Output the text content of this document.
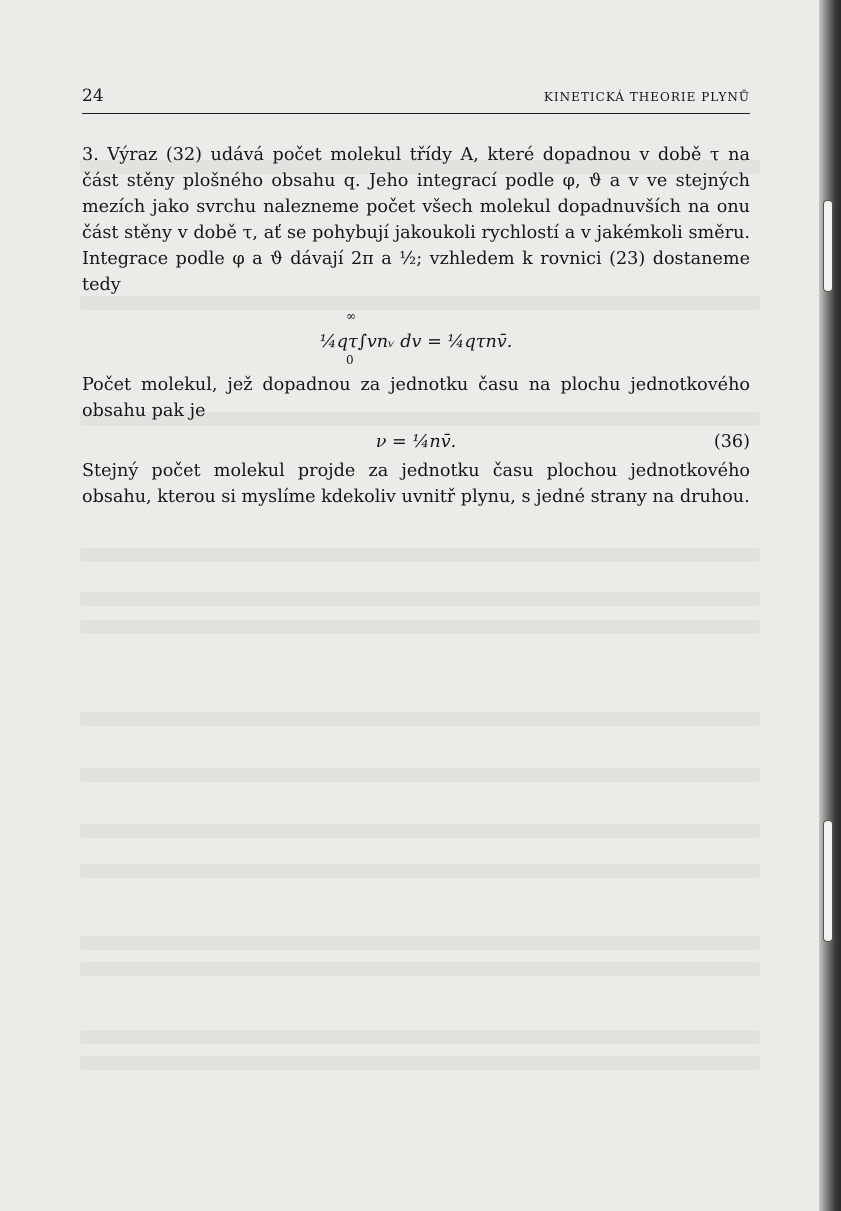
24	KINETICKÁ THEORIE PLYNŮ

3. Výraz (32) udává počet molekul třídy A, které dopadnou v době τ na část stěny plošného obsahu q. Jeho integrací podle φ, ϑ a v ve stejných mezích jako svrchu nalezneme počet všech molekul dopadnuvších na onu část stěny v době τ, ať se pohybují jakoukoli rychlostí a v jakémkoli směru. Integrace podle φ a ϑ dávají 2π a ½; vzhledem k rovnici (23) dostaneme tedy

∞
¼qτ∫vnᵥ dv = ¼qτnv̄.
0

Počet molekul, jež dopadnou za jednotku času na plochu jednotkového obsahu pak je

ν = ¼nv̄.	(36)

Stejný počet molekul projde za jednotku času plochou jednotkového obsahu, kterou si myslíme kdekoliv uvnitř plynu, s jedné strany na druhou.
